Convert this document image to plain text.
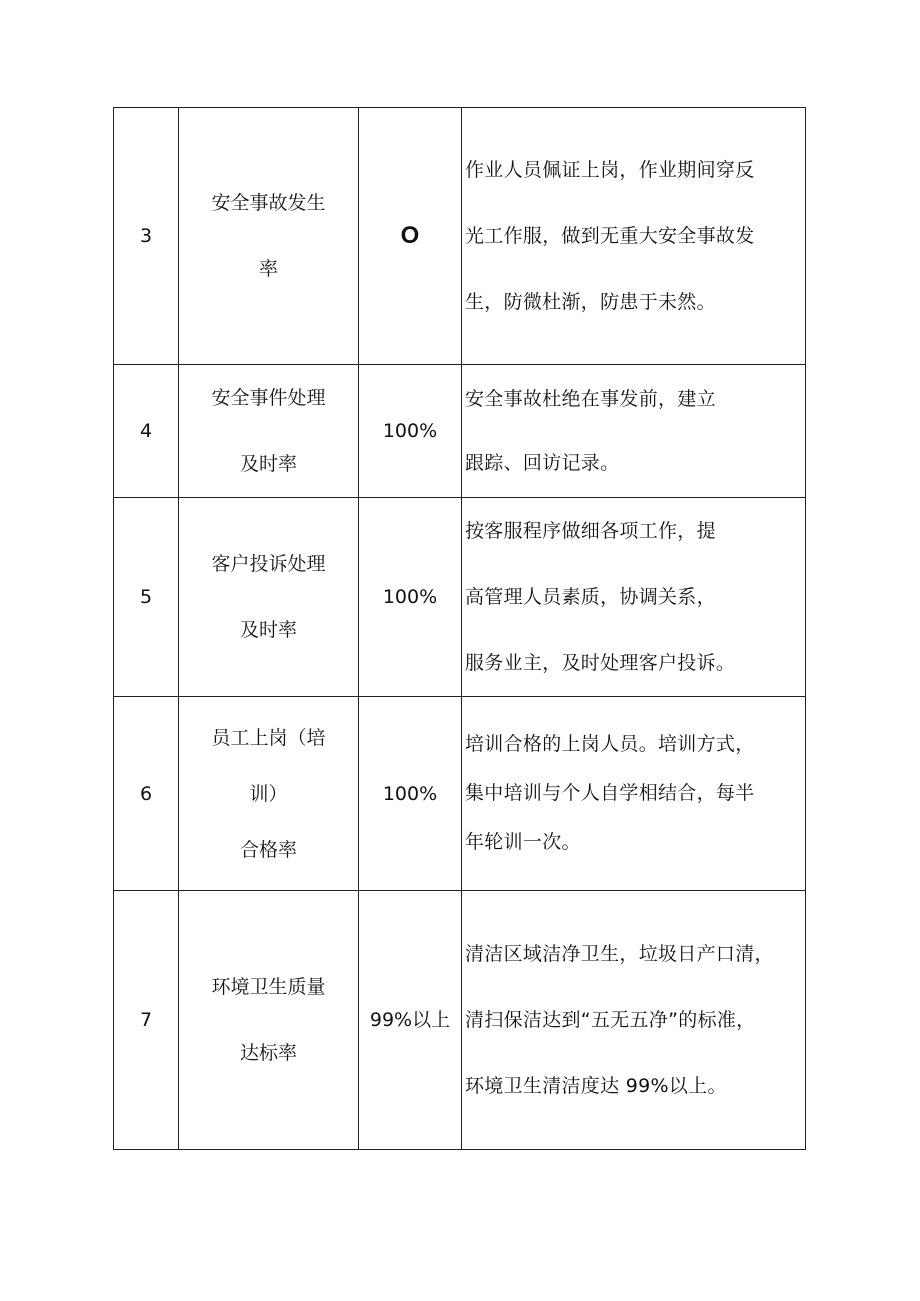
3	安全事故发生
率	O	作业人员佩证上岗，作业期间穿反
光工作服，做到无重大安全事故发
生，防微杜渐，防患于未然。

4	安全事件处理
及时率	100%	安全事故杜绝在事发前，建立
跟踪、回访记录。

5	客户投诉处理
及时率	100%	按客服程序做细各项工作，提
高管理人员素质，协调关系，
服务业主，及时处理客户投诉。

6	员工上岗（培
训）
合格率	100%	培训合格的上岗人员。培训方式，
集中培训与个人自学相结合，每半
年轮训一次。

7	环境卫生质量
达标率	99%以上	清洁区域洁净卫生，垃圾日产口清，
清扫保洁达到“五无五净”的标准，
环境卫生清洁度达 99%以上。
